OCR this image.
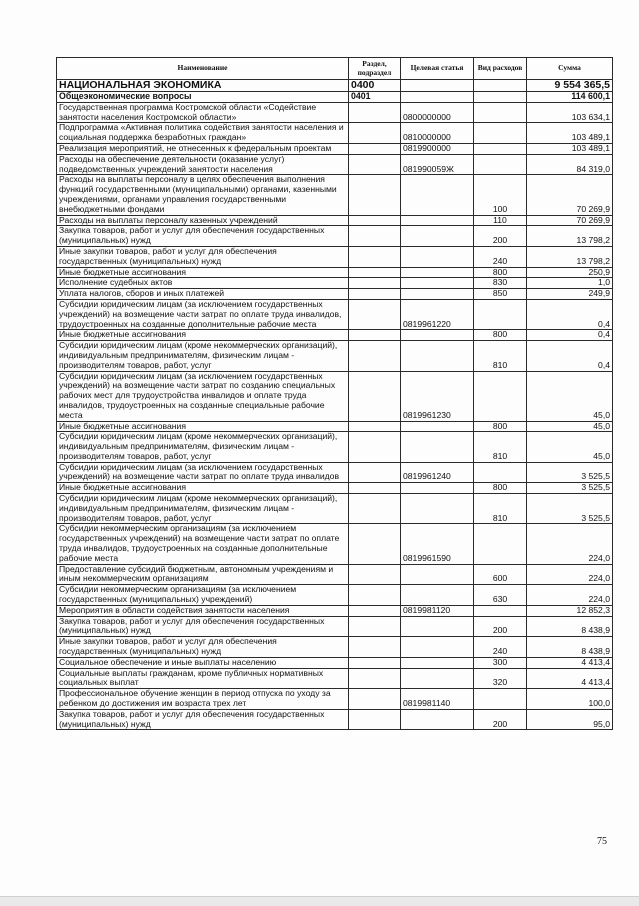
Наименование	Раздел, подраздел	Целевая статья	Вид расходов	Сумма
НАЦИОНАЛЬНАЯ ЭКОНОМИКА	0400			9 554 365,5
Общеэкономические вопросы	0401			114 600,1
Государственная программа Костромской области «Содействие занятости населения Костромской области»		0800000000		103 634,1
Подпрограмма «Активная политика содействия занятости населения и социальная поддержка безработных граждан»		0810000000		103 489,1
Реализация мероприятий, не отнесенных к федеральным проектам		0819900000		103 489,1
Расходы на обеспечение деятельности (оказание услуг) подведомственных учреждений занятости населения		081990059Ж		84 319,0
Расходы на выплаты персоналу в целях обеспечения выполнения функций государственными (муниципальными) органами, казенными учреждениями, органами управления государственными внебюджетными фондами			100	70 269,9
Расходы на выплаты персоналу казенных учреждений			110	70 269,9
Закупка товаров, работ и услуг для обеспечения государственных (муниципальных) нужд			200	13 798,2
Иные закупки товаров, работ и услуг для обеспечения государственных (муниципальных) нужд			240	13 798,2
Иные бюджетные ассигнования			800	250,9
Исполнение судебных актов			830	1,0
Уплата налогов, сборов и иных платежей			850	249,9
Субсидии юридическим лицам (за исключением государственных учреждений) на возмещение части затрат по оплате труда инвалидов, трудоустроенных на созданные дополнительные рабочие места		0819961220		0,4
Иные бюджетные ассигнования			800	0,4
Субсидии юридическим лицам (кроме некоммерческих организаций), индивидуальным предпринимателям, физическим лицам - производителям товаров, работ, услуг			810	0,4
Субсидии юридическим лицам (за исключением государственных учреждений) на возмещение части затрат по созданию специальных рабочих мест для трудоустройства инвалидов и оплате труда инвалидов, трудоустроенных на созданные специальные рабочие места		0819961230		45,0
Иные бюджетные ассигнования			800	45,0
Субсидии юридическим лицам (кроме некоммерческих организаций), индивидуальным предпринимателям, физическим лицам - производителям товаров, работ, услуг			810	45,0
Субсидии юридическим лицам (за исключением государственных учреждений) на возмещение части затрат по оплате труда инвалидов		0819961240		3 525,5
Иные бюджетные ассигнования			800	3 525,5
Субсидии юридическим лицам (кроме некоммерческих организаций), индивидуальным предпринимателям, физическим лицам - производителям товаров, работ, услуг			810	3 525,5
Субсидии некоммерческим организациям (за исключением государственных учреждений) на возмещение части затрат по оплате труда инвалидов, трудоустроенных на созданные дополнительные рабочие места		0819961590		224,0
Предоставление субсидий бюджетным, автономным учреждениям и иным некоммерческим организациям			600	224,0
Субсидии некоммерческим организациям (за исключением государственных (муниципальных) учреждений)			630	224,0
Мероприятия в области содействия занятости населения		0819981120		12 852,3
Закупка товаров, работ и услуг для обеспечения государственных (муниципальных) нужд			200	8 438,9
Иные закупки товаров, работ и услуг для обеспечения государственных (муниципальных) нужд			240	8 438,9
Социальное обеспечение и иные выплаты населению			300	4 413,4
Социальные выплаты гражданам, кроме публичных нормативных социальных выплат			320	4 413,4
Профессиональное обучение женщин в период отпуска по уходу за ребенком до достижения им возраста трех лет		0819981140		100,0
Закупка товаров, работ и услуг для обеспечения государственных (муниципальных) нужд			200	95,0
75
